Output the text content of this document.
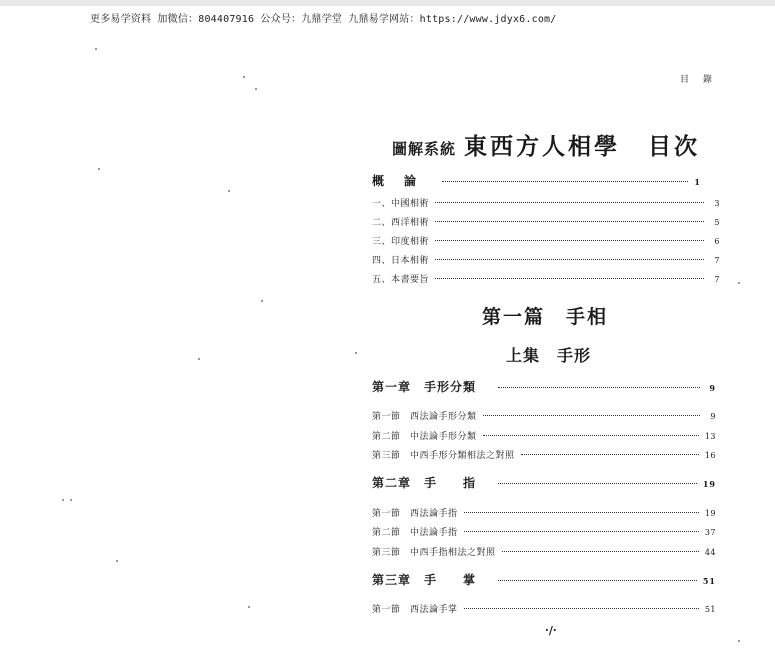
更多易学资料 加微信：804407916 公众号：九鼎学堂 九鼎易学网站：https://www.jdyx6.com/
目錄
圖解系統 東西方人相學 目次
概論	1
一、中國相術	3
二、西洋相術	5
三、印度相術	6
四、日本相術	7
五、本書要旨	7
第一篇　手相
上集　手形
第一章　手形分類	9
第一節　西法論手形分類	9
第二節　中法論手形分類	13
第三節　中西手形分類相法之對照	16
第二章　手　　指	19
第一節　西法論手指	19
第二節　中法論手指	37
第三節　中西手指相法之對照	44
第三章　手　　掌	51
第一節　西法論手掌	51
·/·
